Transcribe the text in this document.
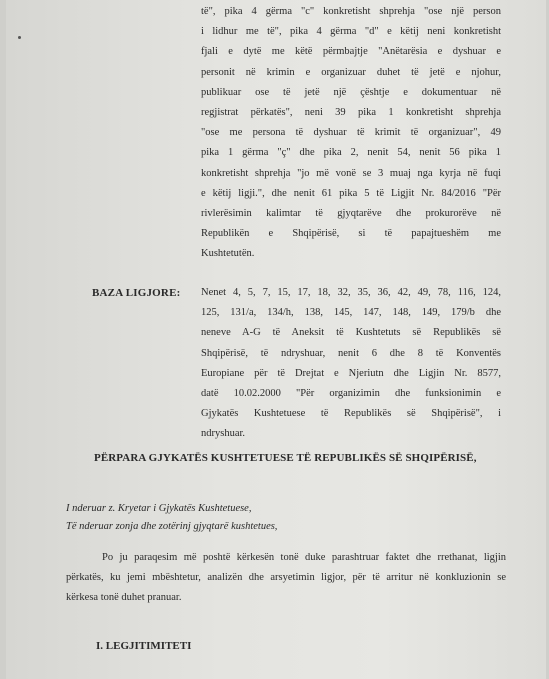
të", pika 4 gërma "c" konkretisht shprehja "ose një person
i lidhur me të", pika 4 gërma "d" e këtij neni konkretisht
fjali e dytë me këtë përmbajtje "Anëtarësia e dyshuar e
personit në krimin e organizuar duhet të jetë e njohur,
publikuar ose të jetë një çështje e dokumentuar në
regjistrat përkatës", neni 39 pika 1 konkretisht shprehja
"ose me persona të dyshuar të krimit të organizuar", 49
pika 1 gërma "ç" dhe pika 2, nenit 54, nenit 56 pika 1
konkretisht shprehja "jo më vonë se 3 muaj nga kyrja në fuqi
e këtij ligji.", dhe nenit 61 pika 5 të Ligjit Nr. 84/2016 "Për
rivlerësimin kalimtar të gjyqtarëve dhe prokurorëve në
Republikën e Shqipërisë, si të papajtueshëm me
Kushtetutën.
BAZA LIGJORE: Nenet 4, 5, 7, 15, 17, 18, 32, 35, 36, 42, 49, 78, 116, 124,
125, 131/a, 134/h, 138, 145, 147, 148, 149, 179/b dhe
neneve A-G të Aneksit të Kushtetuts së Republikës së
Shqipërisë, të ndryshuar, nenit 6 dhe 8 të Konventës
Europiane për të Drejtat e Njeriutn dhe Ligjin Nr. 8577,
datë 10.02.2000 "Për organizimin dhe funksionimin e
Gjykatës Kushtetuese të Republikës së Shqipërisë", i
ndryshuar.
PËRPARA GJYKATËS KUSHTETUESE TË REPUBLIKËS SË SHQIPËRISË,
I nderuar z. Kryetar i Gjykatës Kushtetuese,
Të nderuar zonja dhe zotërinj gjyqtarë kushtetues,
Po ju paraqesim më poshtë kërkesën tonë duke parashtruar faktet dhe rrethanat, ligjin
përkatës, ku jemi mbështetur, analizën dhe arsyetimin ligjor, për të arritur në konkluzionin se
kërkesa tonë duhet pranuar.
I. LEGJITIMITETI
